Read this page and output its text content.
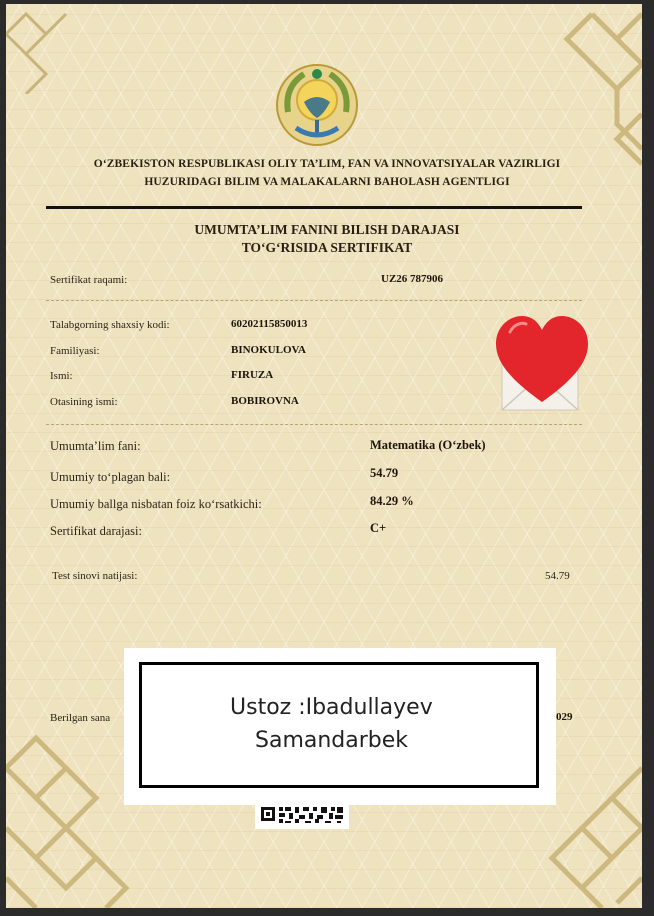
O‘ZBEKISTON RESPUBLIKASI OLIY TA’LIM, FAN VA INNOVATSIYALAR VAZIRLIGI
HUZURIDAGI BILIM VA MALAKALARNI BAHOLASH AGENTLIGI
UMUMTA’LIM FANINI BILISH DARAJASI
TO‘G‘RISIDA SERTIFIKAT
Sertifikat raqami:	UZ26 787906
Talabgorning shaxsiy kodi:	60202115850013
Familiyasi:	BINOKULOVA
Ismi:	FIRUZA
Otasining ismi:	BOBIROVNA
Umumta’lim fani:	Matematika (O‘zbek)
Umumiy to‘plagan bali:	54.79
Umumiy ballga nisbatan foiz ko‘rsatkichi:	84.29 %
Sertifikat darajasi:	C+
Test sinovi natijasi:	54.79
Berilgan sana	029
Ustoz :Ibadullayev
Samandarbek
